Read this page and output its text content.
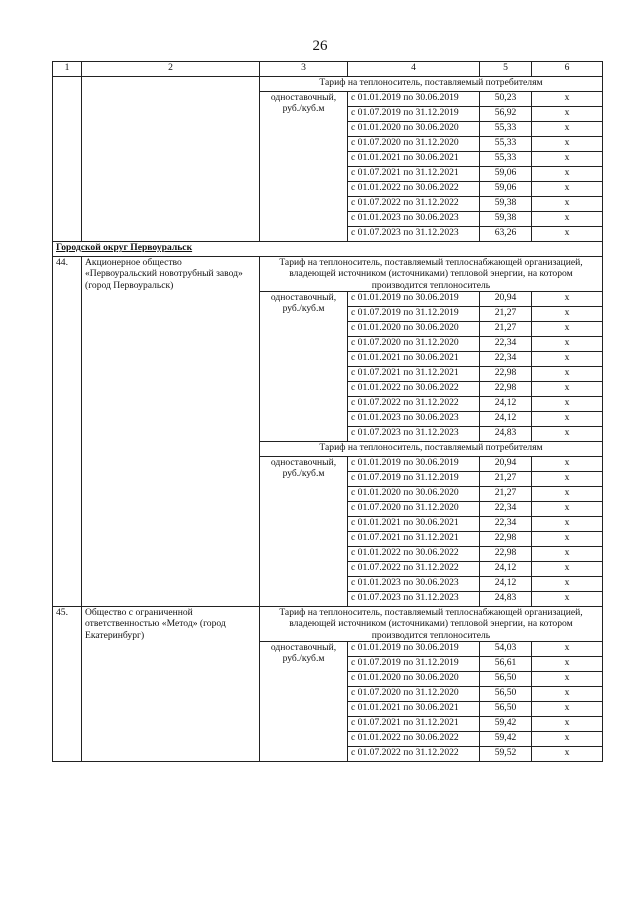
26
1	2	3	4	5	6
		Тариф на теплоноситель, поставляемый потребителям			
		одноставочный, руб./куб.м	с 01.01.2019 по 30.06.2019	50,23	х
			с 01.07.2019 по 31.12.2019	56,92	х
			с 01.01.2020 по 30.06.2020	55,33	х
			с 01.07.2020 по 31.12.2020	55,33	х
			с 01.01.2021 по 30.06.2021	55,33	х
			с 01.07.2021 по 31.12.2021	59,06	х
			с 01.01.2022 по 30.06.2022	59,06	х
			с 01.07.2022 по 31.12.2022	59,38	х
			с 01.01.2023 по 30.06.2023	59,38	х
			с 01.07.2023 по 31.12.2023	63,26	х
Городской округ Первоуральск					
44.	Акционерное общество «Первоуральский новотрубный завод» (город Первоуральск)	Тариф на теплоноситель, поставляемый теплоснабжающей организацией, владеющей источником (источниками) тепловой энергии, на котором производится теплоноситель			
		одноставочный, руб./куб.м	с 01.01.2019 по 30.06.2019	20,94	х
			с 01.07.2019 по 31.12.2019	21,27	х
			с 01.01.2020 по 30.06.2020	21,27	х
			с 01.07.2020 по 31.12.2020	22,34	х
			с 01.01.2021 по 30.06.2021	22,34	х
			с 01.07.2021 по 31.12.2021	22,98	х
			с 01.01.2022 по 30.06.2022	22,98	х
			с 01.07.2022 по 31.12.2022	24,12	х
			с 01.01.2023 по 30.06.2023	24,12	х
			с 01.07.2023 по 31.12.2023	24,83	х
		Тариф на теплоноситель, поставляемый потребителям			
		одноставочный, руб./куб.м	с 01.01.2019 по 30.06.2019	20,94	х
			с 01.07.2019 по 31.12.2019	21,27	х
			с 01.01.2020 по 30.06.2020	21,27	х
			с 01.07.2020 по 31.12.2020	22,34	х
			с 01.01.2021 по 30.06.2021	22,34	х
			с 01.07.2021 по 31.12.2021	22,98	х
			с 01.01.2022 по 30.06.2022	22,98	х
			с 01.07.2022 по 31.12.2022	24,12	х
			с 01.01.2023 по 30.06.2023	24,12	х
			с 01.07.2023 по 31.12.2023	24,83	х
45.	Общество с ограниченной ответственностью «Метод» (город Екатеринбург)	Тариф на теплоноситель, поставляемый теплоснабжающей организацией, владеющей источником (источниками) тепловой энергии, на котором производится теплоноситель			
		одноставочный, руб./куб.м	с 01.01.2019 по 30.06.2019	54,03	х
			с 01.07.2019 по 31.12.2019	56,61	х
			с 01.01.2020 по 30.06.2020	56,50	х
			с 01.07.2020 по 31.12.2020	56,50	х
			с 01.01.2021 по 30.06.2021	56,50	х
			с 01.07.2021 по 31.12.2021	59,42	х
			с 01.01.2022 по 30.06.2022	59,42	х
			с 01.07.2022 по 31.12.2022	59,52	х
